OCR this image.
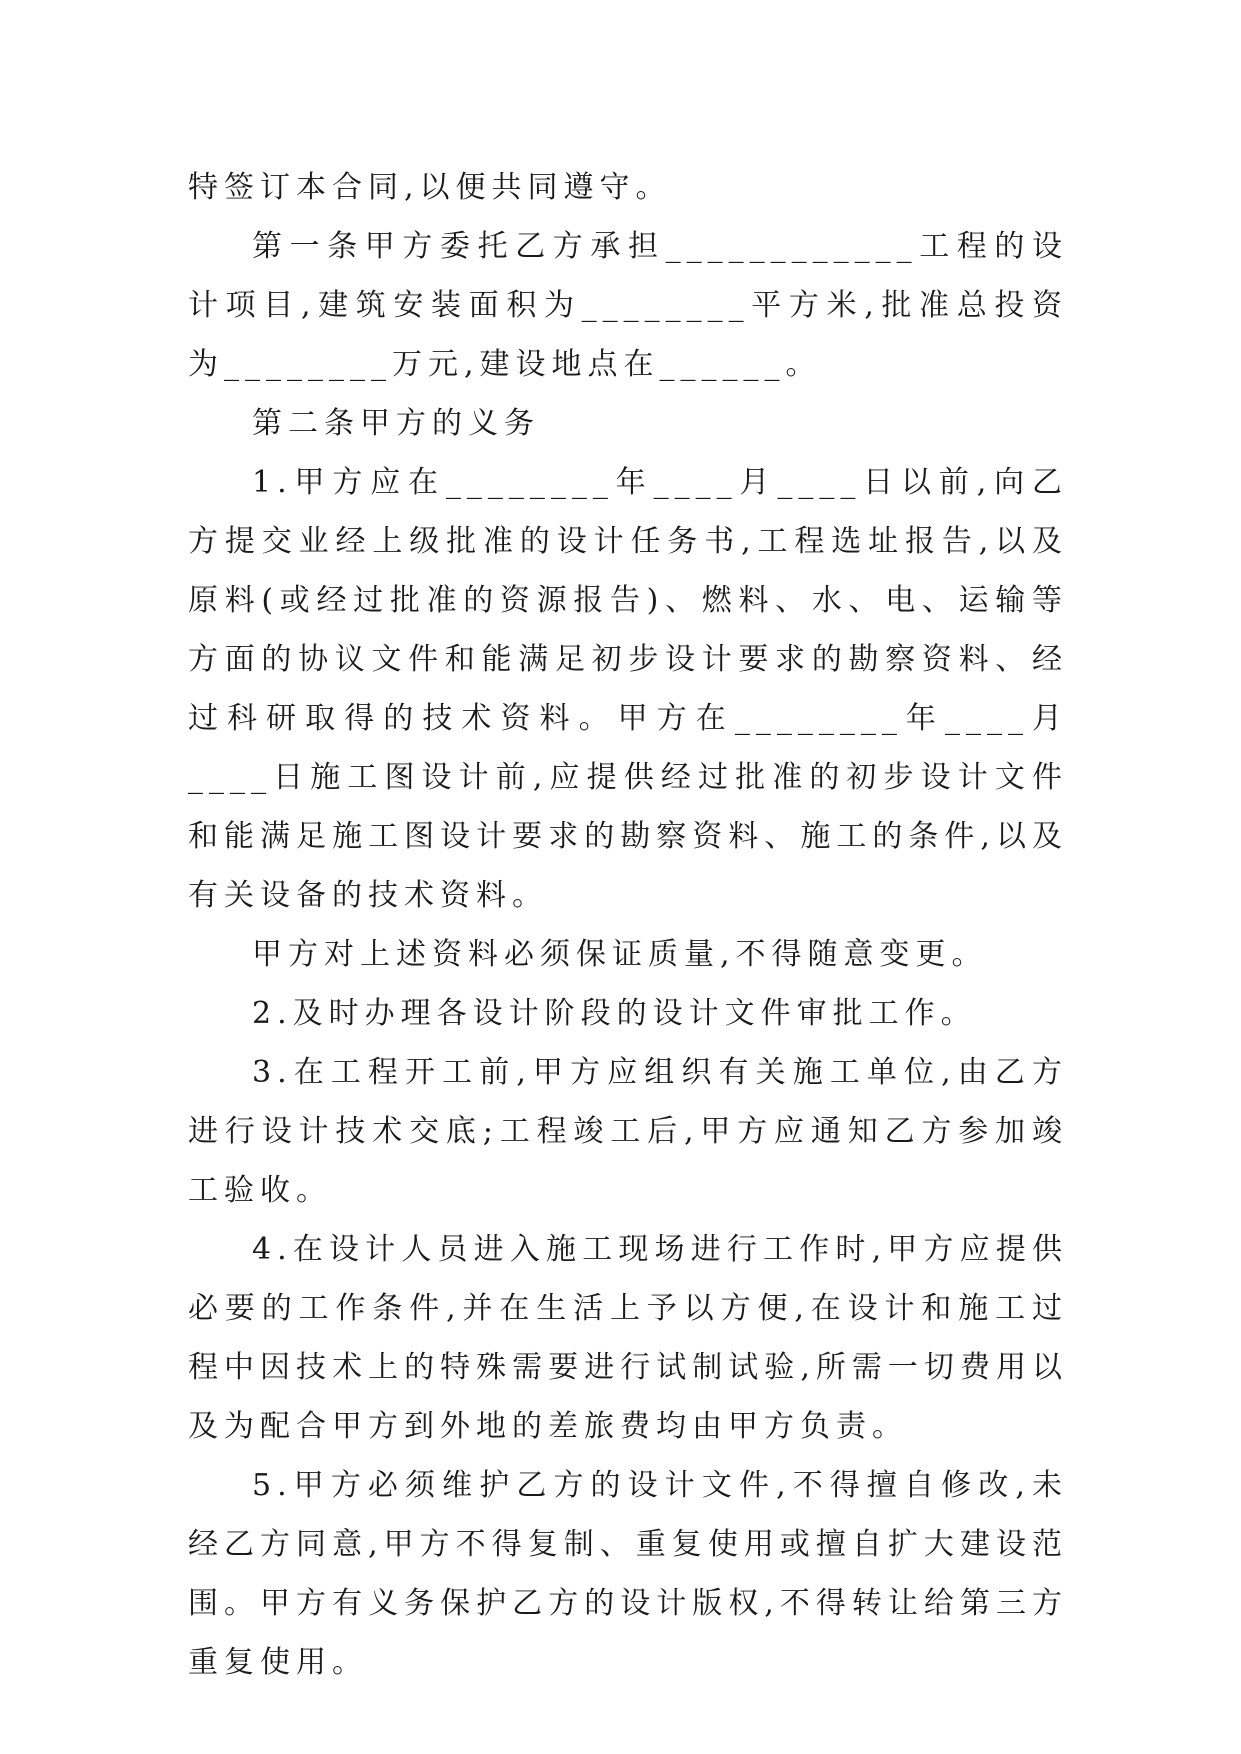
特签订本合同,以便共同遵守。

第一条甲方委托乙方承担____________工程的设计项目,建筑安装面积为________平方米,批准总投资为________万元,建设地点在______。

第二条甲方的义务

1.甲方应在________年____月____日以前,向乙方提交业经上级批准的设计任务书,工程选址报告,以及原料(或经过批准的资源报告)、燃料、水、电、运输等方面的协议文件和能满足初步设计要求的勘察资料、经过科研取得的技术资料。甲方在________年____月____日施工图设计前,应提供经过批准的初步设计文件和能满足施工图设计要求的勘察资料、施工的条件,以及有关设备的技术资料。

甲方对上述资料必须保证质量,不得随意变更。

2.及时办理各设计阶段的设计文件审批工作。

3.在工程开工前,甲方应组织有关施工单位,由乙方进行设计技术交底;工程竣工后,甲方应通知乙方参加竣工验收。

4.在设计人员进入施工现场进行工作时,甲方应提供必要的工作条件,并在生活上予以方便,在设计和施工过程中因技术上的特殊需要进行试制试验,所需一切费用以及为配合甲方到外地的差旅费均由甲方负责。

5.甲方必须维护乙方的设计文件,不得擅自修改,未经乙方同意,甲方不得复制、重复使用或擅自扩大建设范围。甲方有义务保护乙方的设计版权,不得转让给第三方重复使用。
